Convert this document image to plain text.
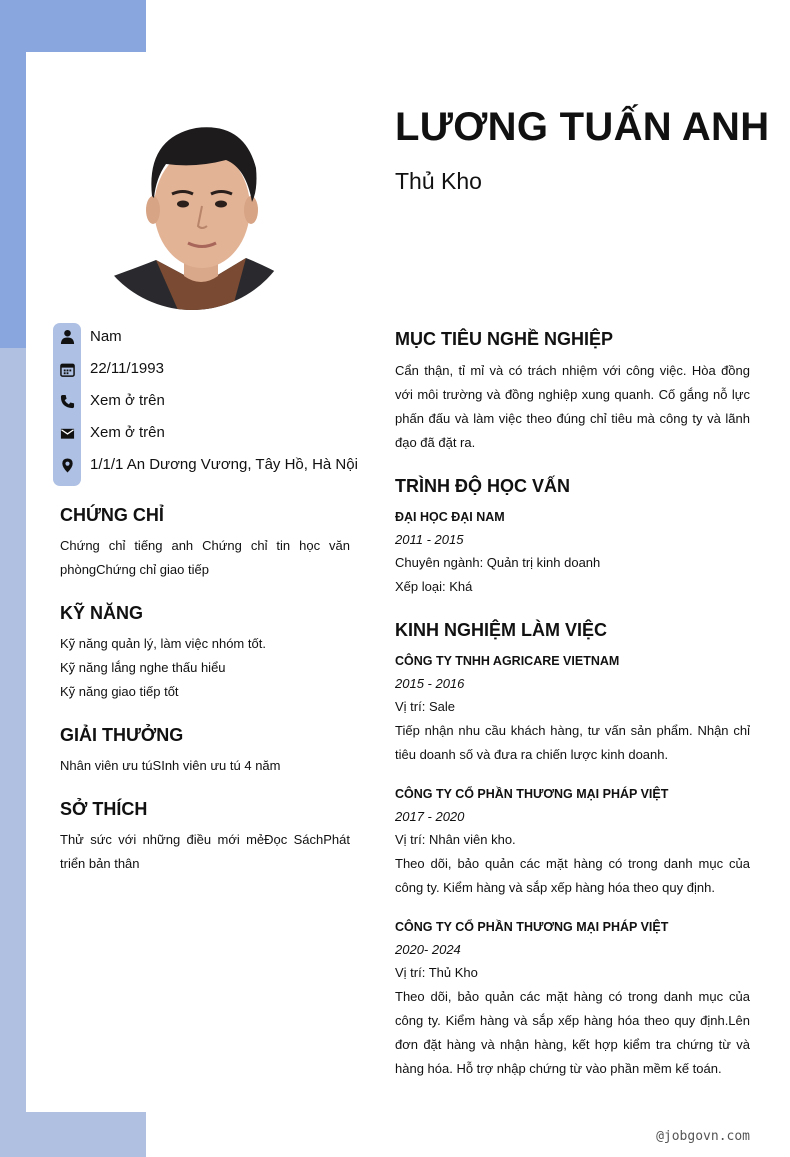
LƯƠNG TUẤN ANH
Thủ Kho
Nam
22/11/1993
Xem ở trên
Xem ở trên
1/1/1 An Dương Vương, Tây Hồ, Hà Nội
CHỨNG CHỈ

Chứng chỉ tiếng anh Chứng chỉ tin học văn phòngChứng chỉ giao tiếp

KỸ NĂNG

Kỹ năng quản lý, làm việc nhóm tốt.

Kỹ năng lắng nghe thấu hiểu

Kỹ năng giao tiếp tốt

GIẢI THƯỞNG

Nhân viên ưu túSInh viên ưu tú 4 năm

SỞ THÍCH

Thử sức với những điều mới mẻĐọc SáchPhát triển bản thân

MỤC TIÊU NGHỀ NGHIỆP

Cẩn thận, tỉ mỉ và có trách nhiệm với công việc. Hòa đồng với môi trường và đồng nghiệp xung quanh. Cố gắng nỗ lực phấn đấu và làm việc theo đúng chỉ tiêu mà công ty và lãnh đạo đã đặt ra.

TRÌNH ĐỘ HỌC VẤN

ĐẠI HỌC ĐẠI NAM

2011 - 2015
Chuyên ngành: Quản trị kinh doanh
Xếp loại: Khá
KINH NGHIỆM LÀM VIỆC

CÔNG TY TNHH AGRICARE VIETNAM

2015 - 2016
Vị trí: Sale

Tiếp nhận nhu cầu khách hàng, tư vấn sản phẩm. Nhận chỉ tiêu doanh số và đưa ra chiến lược kinh doanh.

CÔNG TY CỔ PHẦN THƯƠNG MẠI PHÁP VIỆT

2017 - 2020
Vị trí: Nhân viên kho.

Theo dõi, bảo quản các mặt hàng có trong danh mục của công ty. Kiểm hàng và sắp xếp hàng hóa theo quy định.

CÔNG TY CỔ PHẦN THƯƠNG MẠI PHÁP VIỆT

2020- 2024
Vị trí: Thủ Kho

Theo dõi, bảo quản các mặt hàng có trong danh mục của công ty. Kiểm hàng và sắp xếp hàng hóa theo quy định.Lên đơn đặt hàng và nhận hàng, kết hợp kiểm tra chứng từ và hàng hóa. Hỗ trợ nhập chứng từ vào phần mềm kế toán.

@jobgovn.com
